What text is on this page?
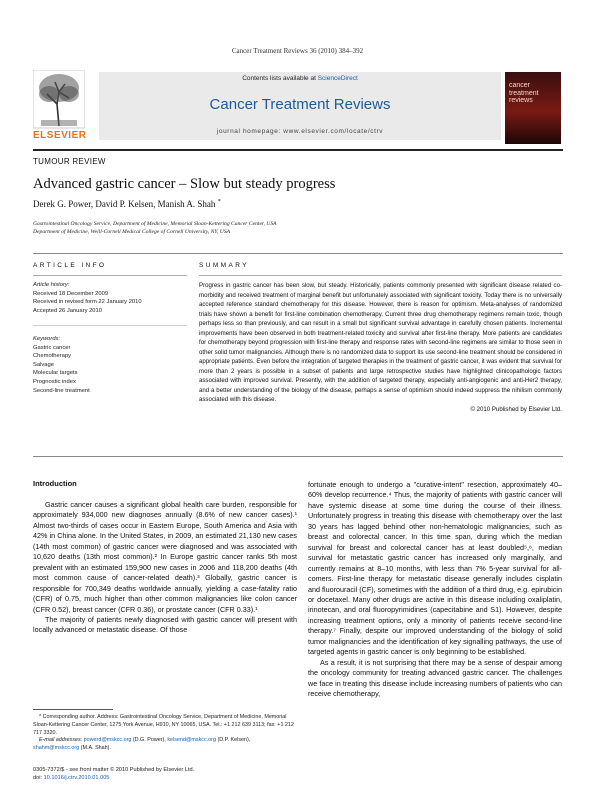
Cancer Treatment Reviews 36 (2010) 384–392
ELSEVIER
Contents lists available at ScienceDirect
Cancer Treatment Reviews
journal homepage: www.elsevier.com/locate/ctrv
cancer
treatment
reviews
TUMOUR REVIEW
Advanced gastric cancer – Slow but steady progress
Derek G. Power, David P. Kelsen, Manish A. Shah *
Gastrointestinal Oncology Service, Department of Medicine, Memorial Sloan-Kettering Cancer Center, USA
Department of Medicine, Weill-Cornell Medical College of Cornell University, NY, USA
ARTICLE INFO	SUMMARY
Article history:
Received 18 December 2009
Received in revised form 22 January 2010
Accepted 26 January 2010
Keywords:
Gastric cancer
Chemotherapy
Salvage
Molecular targets
Prognostic index
Second-line treatment
Progress in gastric cancer has been slow, but steady. Historically, patients commonly presented with significant disease related co-morbidity and received treatment of marginal benefit but unfortunately associated with significant toxicity. Today there is no universally accepted reference standard chemotherapy for this disease. However, there is reason for optimism. Meta-analyses of randomized trials have shown a benefit for first-line combination chemotherapy. Current three drug chemotherapy regimens remain toxic, though perhaps less so than previously, and can result in a small but significant survival advantage in carefully chosen patients. Incremental improvements have been observed in both treatment-related toxicity and survival after first-line therapy. More patients are candidates for chemotherapy beyond progression with first-line therapy and response rates with second-line regimens are similar to those seen in other solid tumor malignancies. Although there is no randomized data to support its use second-line treatment should be considered in appropriate patients. Even before the integration of targeted therapies in the treatment of gastric cancer, it was evident that survival for more than 2 years is possible in a subset of patients and large retrospective studies have highlighted clinicopathologic factors associated with improved survival. Presently, with the addition of targeted therapy, especially anti-angiogenic and anti-Her2 therapy, and a better understanding of the biology of the disease, perhaps a sense of optimism should indeed suppress the nihilism commonly associated with this disease.
© 2010 Published by Elsevier Ltd.
Introduction

Gastric cancer causes a significant global health care burden, responsible for approximately 934,000 new diagnoses annually (8.6% of new cancer cases).¹ Almost two-thirds of cases occur in Eastern Europe, South America and Asia with 42% in China alone. In the United States, in 2009, an estimated 21,130 new cases (14th most common) of gastric cancer were diagnosed and was associated with 10,620 deaths (13th most common).² In Europe gastric cancer ranks 5th most prevalent with an estimated 159,900 new cases in 2006 and 118,200 deaths (4th most common cause of cancer-related death).³ Globally, gastric cancer is responsible for 700,349 deaths worldwide annually, yielding a case-fatality ratio (CFR) of 0.75, much higher than other common malignancies like colon cancer (CFR 0.52), breast cancer (CFR 0.36), or prostate cancer (CFR 0.33).¹

The majority of patients newly diagnosed with gastric cancer will present with locally advanced or metastatic disease. Of those

fortunate enough to undergo a "curative-intent" resection, approximately 40–60% develop recurrence.⁴ Thus, the majority of patients with gastric cancer will have systemic disease at some time during the course of their illness. Unfortunately progress in treating this disease with chemotherapy over the last 30 years has lagged behind other non-hematologic malignancies, such as breast and colorectal cancer. In this time span, during which the median survival for breast and colorectal cancer has at least doubled⁵,⁶, median survival for metastatic gastric cancer has increased only marginally, and currently remains at 8–10 months, with less than 7% 5-year survival for all-comers. First-line therapy for metastatic disease generally includes cisplatin and fluorouracil (CF), sometimes with the addition of a third drug, e.g. epirubicin or docetaxel. Many other drugs are active in this disease including oxaliplatin, irinotecan, and oral fluoropyrimidines (capecitabine and S1). However, despite increasing treatment options, only a minority of patients receive second-line therapy.⁷ Finally, despite our improved understanding of the biology of solid tumor malignancies and the identification of key signalling pathways, the use of targeted agents in gastric cancer is only beginning to be established.

As a result, it is not surprising that there may be a sense of despair among the oncology community for treating advanced gastric cancer. The challenges we face in treating this disease include increasing numbers of patients who can receive chemotherapy,

* Corresponding author. Address: Gastrointestinal Oncology Service, Department of Medicine, Memorial Sloan-Kettering Cancer Center, 1275 York Avenue, H910, NY 10065, USA. Tel.: +1 212 639 3113; fax: +1 212 717 3320.

E-mail addresses: powerd@mskcc.org (D.G. Power), kelsend@mskcc.org (D.P. Kelsen), shahm@mskcc.org (M.A. Shah).

0305-7372/$ - see front matter © 2010 Published by Elsevier Ltd.
doi: 10.1016/j.ctrv.2010.01.005
